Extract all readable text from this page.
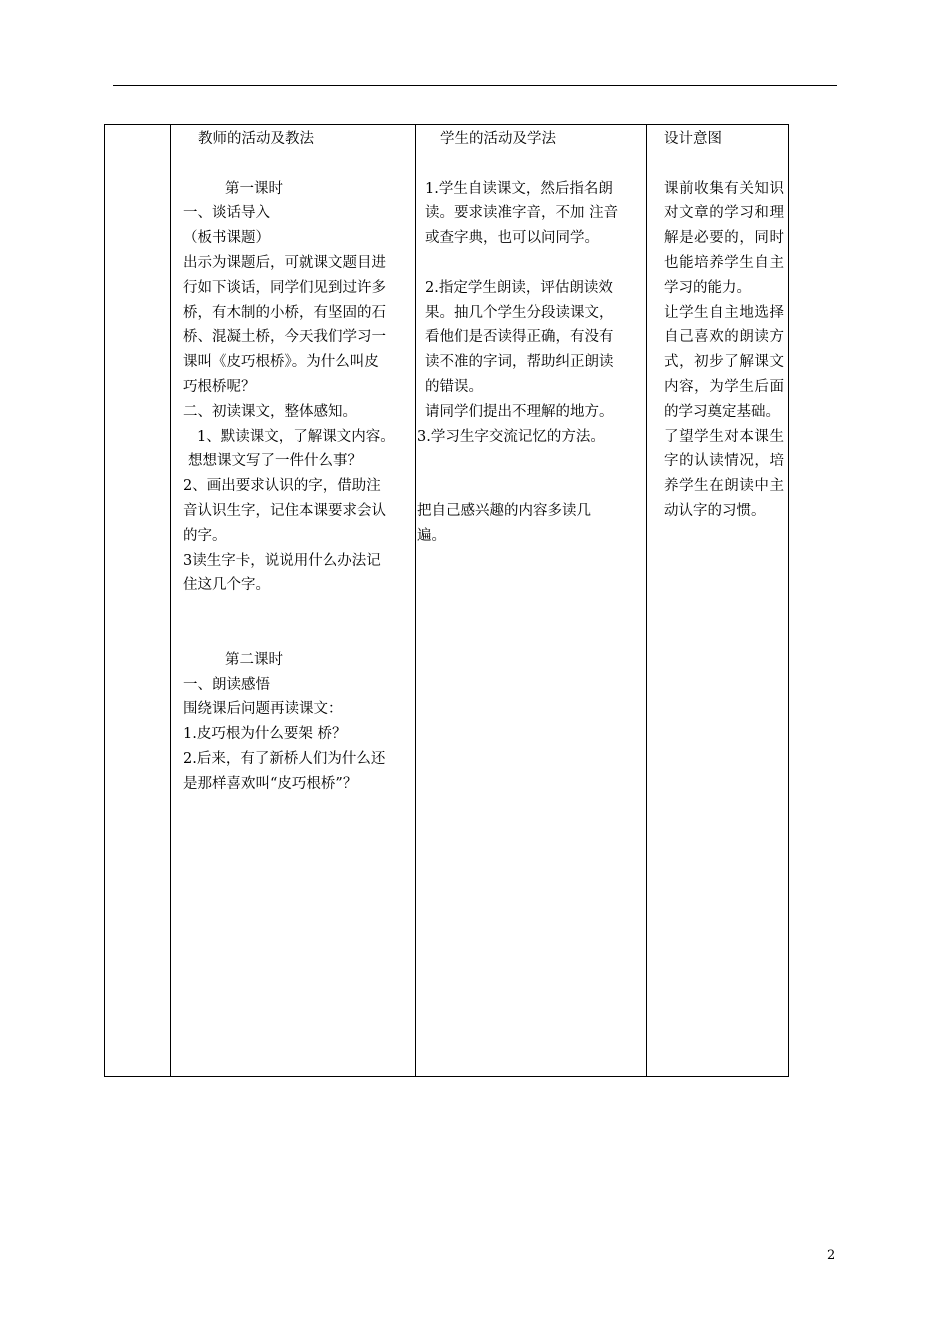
教师的活动及教法
第一课时
一、谈话导入
（板书课题）
出示为课题后，可就课文题目进
行如下谈话，同学们见到过许多
桥，有木制的小桥，有坚固的石
桥、混凝土桥，今天我们学习一
课叫《皮巧根桥》。为什么叫皮
巧根桥呢？
二、初读课文，整体感知。
1、默读课文，了解课文内容。
想想课文写了一件什么事？
2、画出要求认识的字，借助注
音认识生字，记住本课要求会认
的字。
3读生字卡，说说用什么办法记
住这几个字。
第二课时
一、朗读感悟
围绕课后问题再读课文：
1.皮巧根为什么要架 桥？
2.后来，有了新桥人们为什么还
是那样喜欢叫“皮巧根桥”？
学生的活动及学法
1.学生自读课文，然后指名朗
读。要求读准字音，不加 注音
或查字典，也可以问同学。
2.指定学生朗读，评估朗读效
果。抽几个学生分段读课文，
看他们是否读得正确，有没有
读不准的字词，帮助纠正朗读
的错误。
请同学们提出不理解的地方。
3.学习生字交流记忆的方法。
把自己感兴趣的内容多读几
遍。
设计意图
课前收集有关知识对文章的学习和理解是必要的，同时也能培养学生自主学习的能力。
让学生自主地选择自己喜欢的朗读方式，初步了解课文内容，为学生后面的学习奠定基础。
了望学生对本课生字的认读情况，培养学生在朗读中主动认字的习惯。
2
